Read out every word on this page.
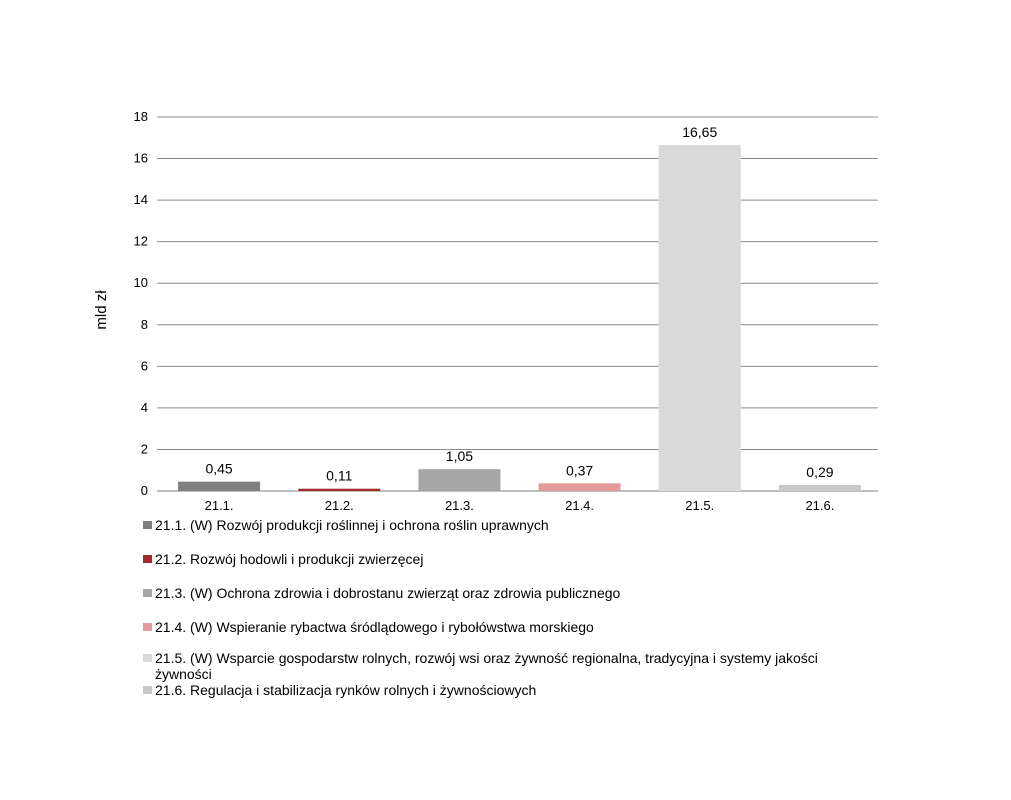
0
2
4
6
8
10
12
14
16
18
0,45	0,11
1,05
0,37
16,65
0,29
21.1.	21.2.	21.3.	21.4.	21.5.	21.6.
mld zł
21.1. (W) Rozwój produkcji roślinnej i ochrona roślin uprawnych
21.2. Rozwój hodowli i produkcji zwierzęcej
21.3. (W) Ochrona zdrowia i dobrostanu zwierząt oraz zdrowia publicznego
21.4. (W) Wspieranie rybactwa śródlądowego i rybołówstwa morskiego
21.5. (W) Wsparcie gospodarstw rolnych, rozwój wsi oraz żywność regionalna, tradycyjna i systemy jakości żywności
21.6. Regulacja i stabilizacja rynków rolnych i żywnościowych
